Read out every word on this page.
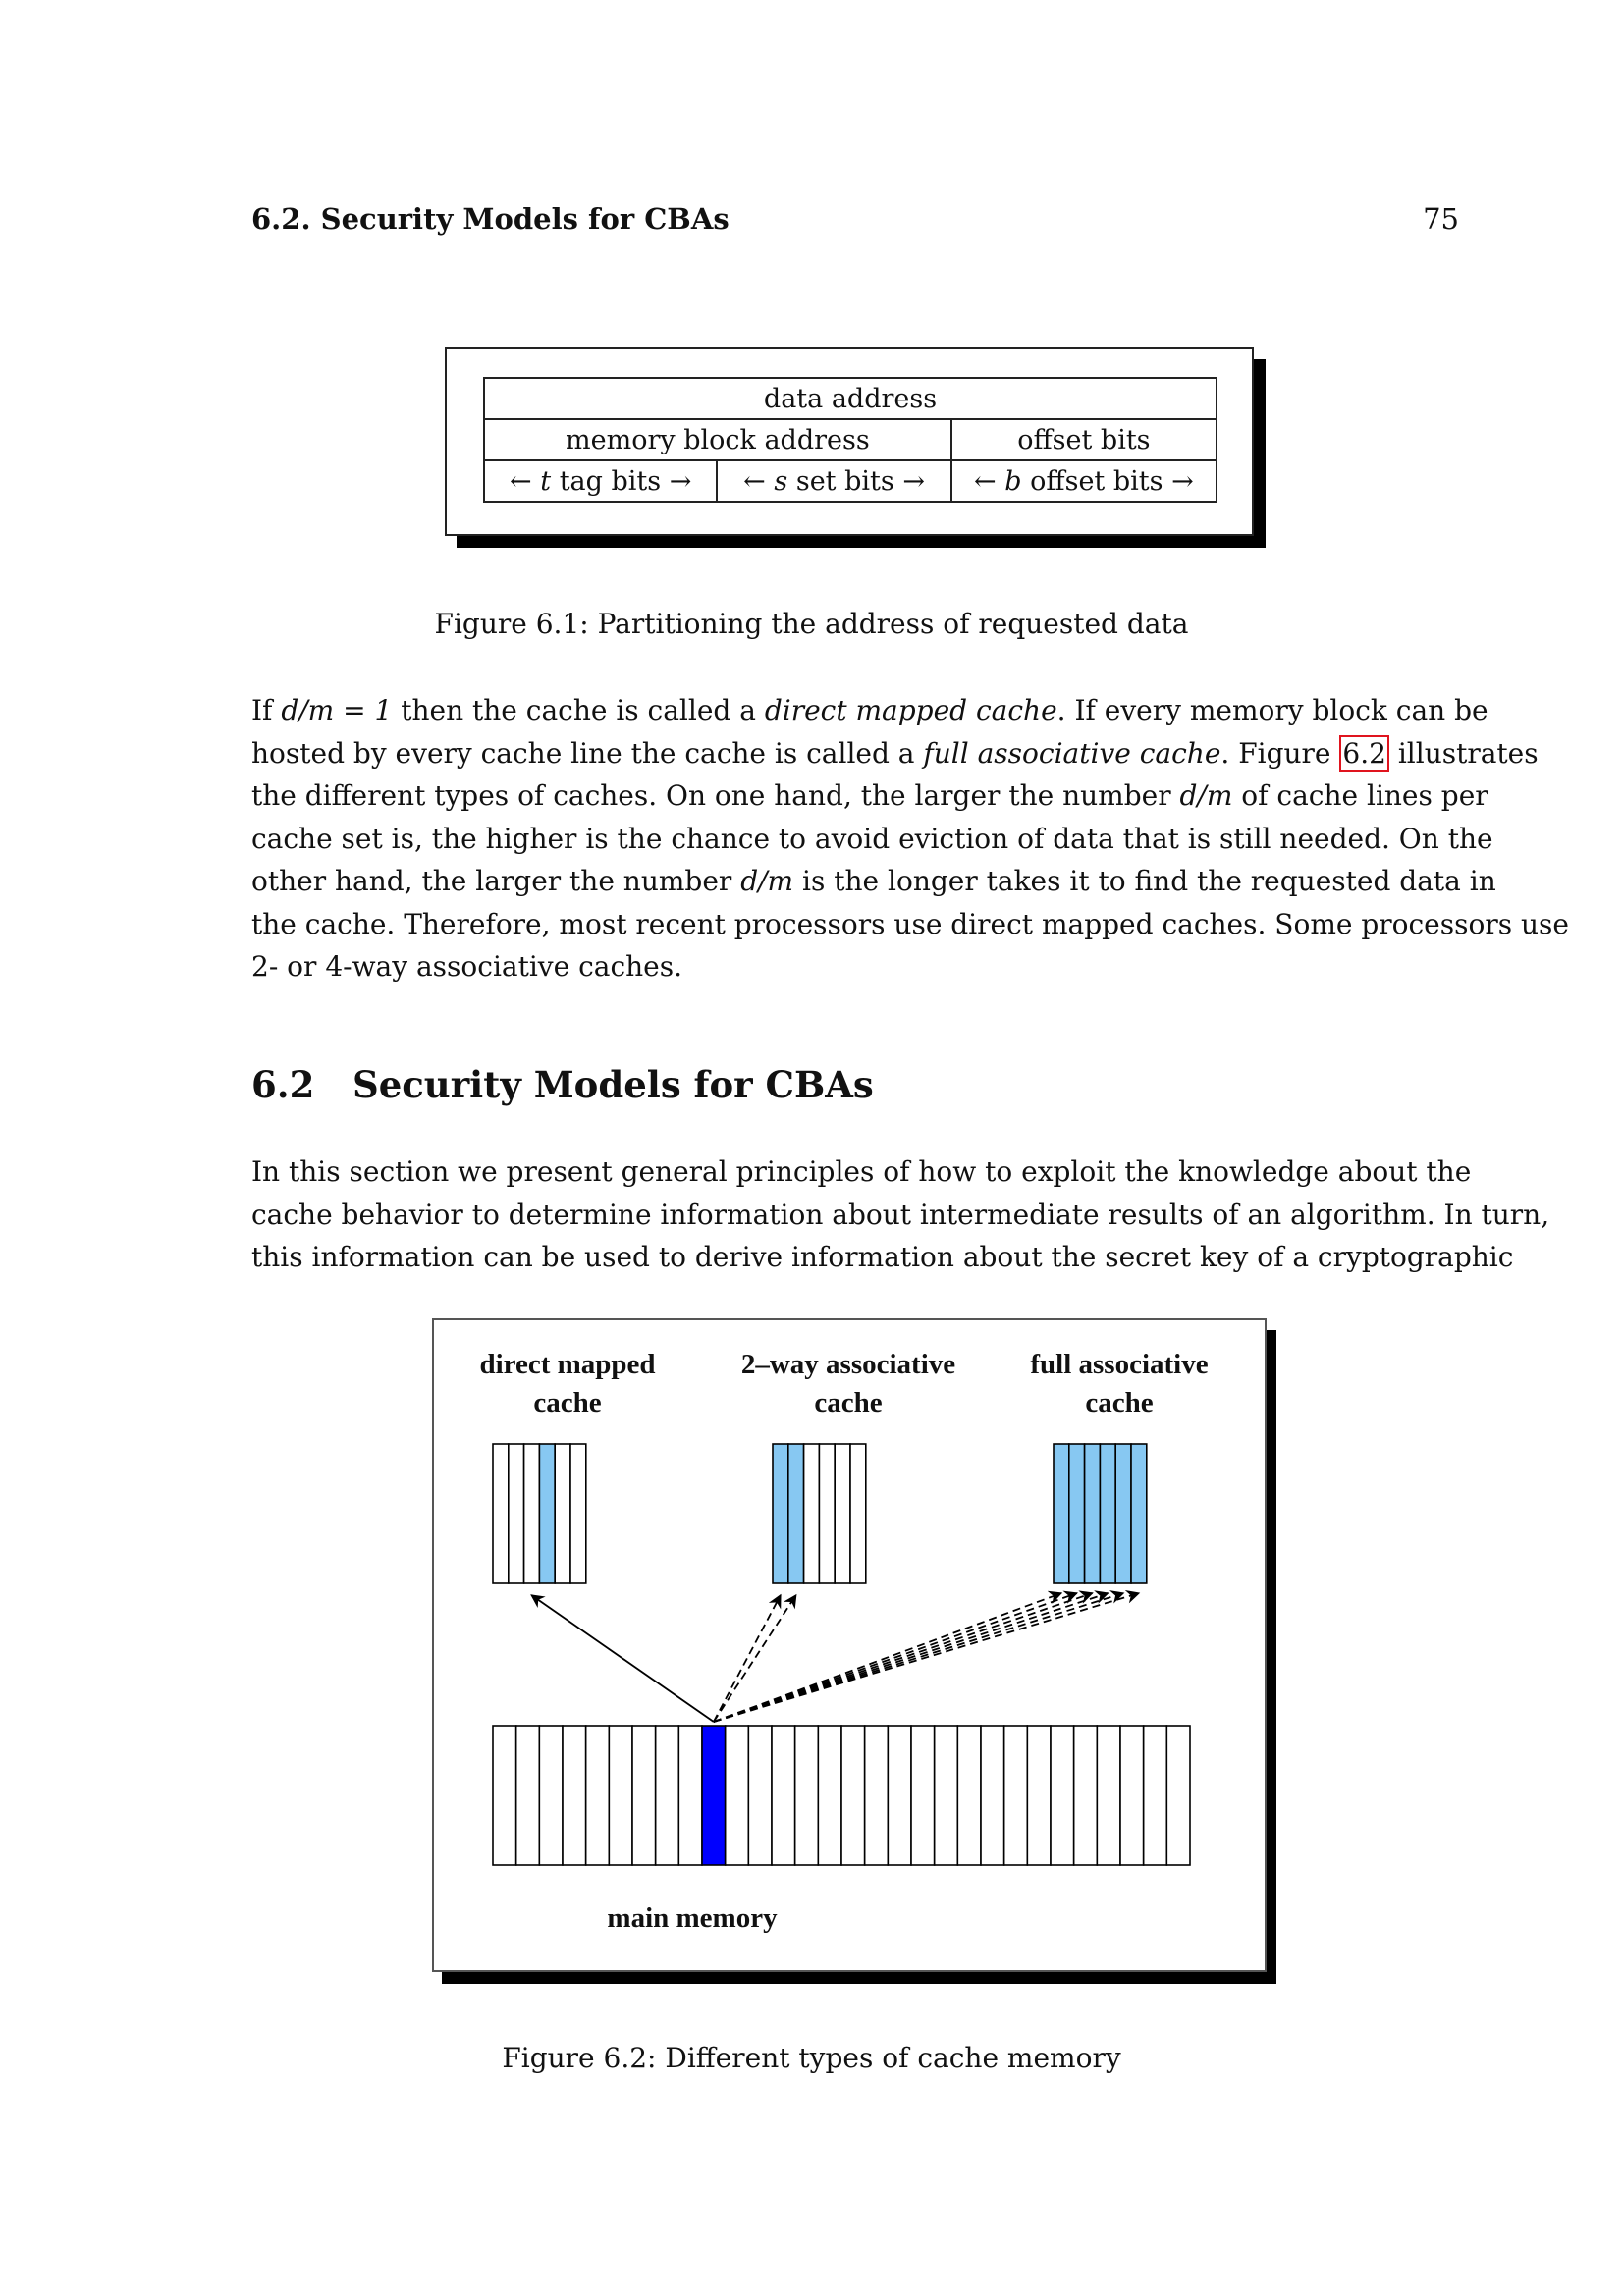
6.2. Security Models for CBAs	75
data address		
memory block address		offset bits
← t tag bits →	← s set bits →	← b offset bits →
Figure 6.1: Partitioning the address of requested data
If d/m = 1 then the cache is called a direct mapped cache. If every memory block can be
hosted by every cache line the cache is called a full associative cache. Figure 6.2 illustrates
the different types of caches. On one hand, the larger the number d/m of cache lines per
cache set is, the higher is the chance to avoid eviction of data that is still needed. On the
other hand, the larger the number d/m is the longer takes it to find the requested data in
the cache. Therefore, most recent processors use direct mapped caches. Some processors use
2- or 4-way associative caches.
6.2 Security Models for CBAs
In this section we present general principles of how to exploit the knowledge about the
cache behavior to determine information about intermediate results of an algorithm. In turn,
this information can be used to derive information about the secret key of a cryptographic
direct mapped
cache
2–way associative
cache
full associative
cache
main memory
Figure 6.2: Different types of cache memory
